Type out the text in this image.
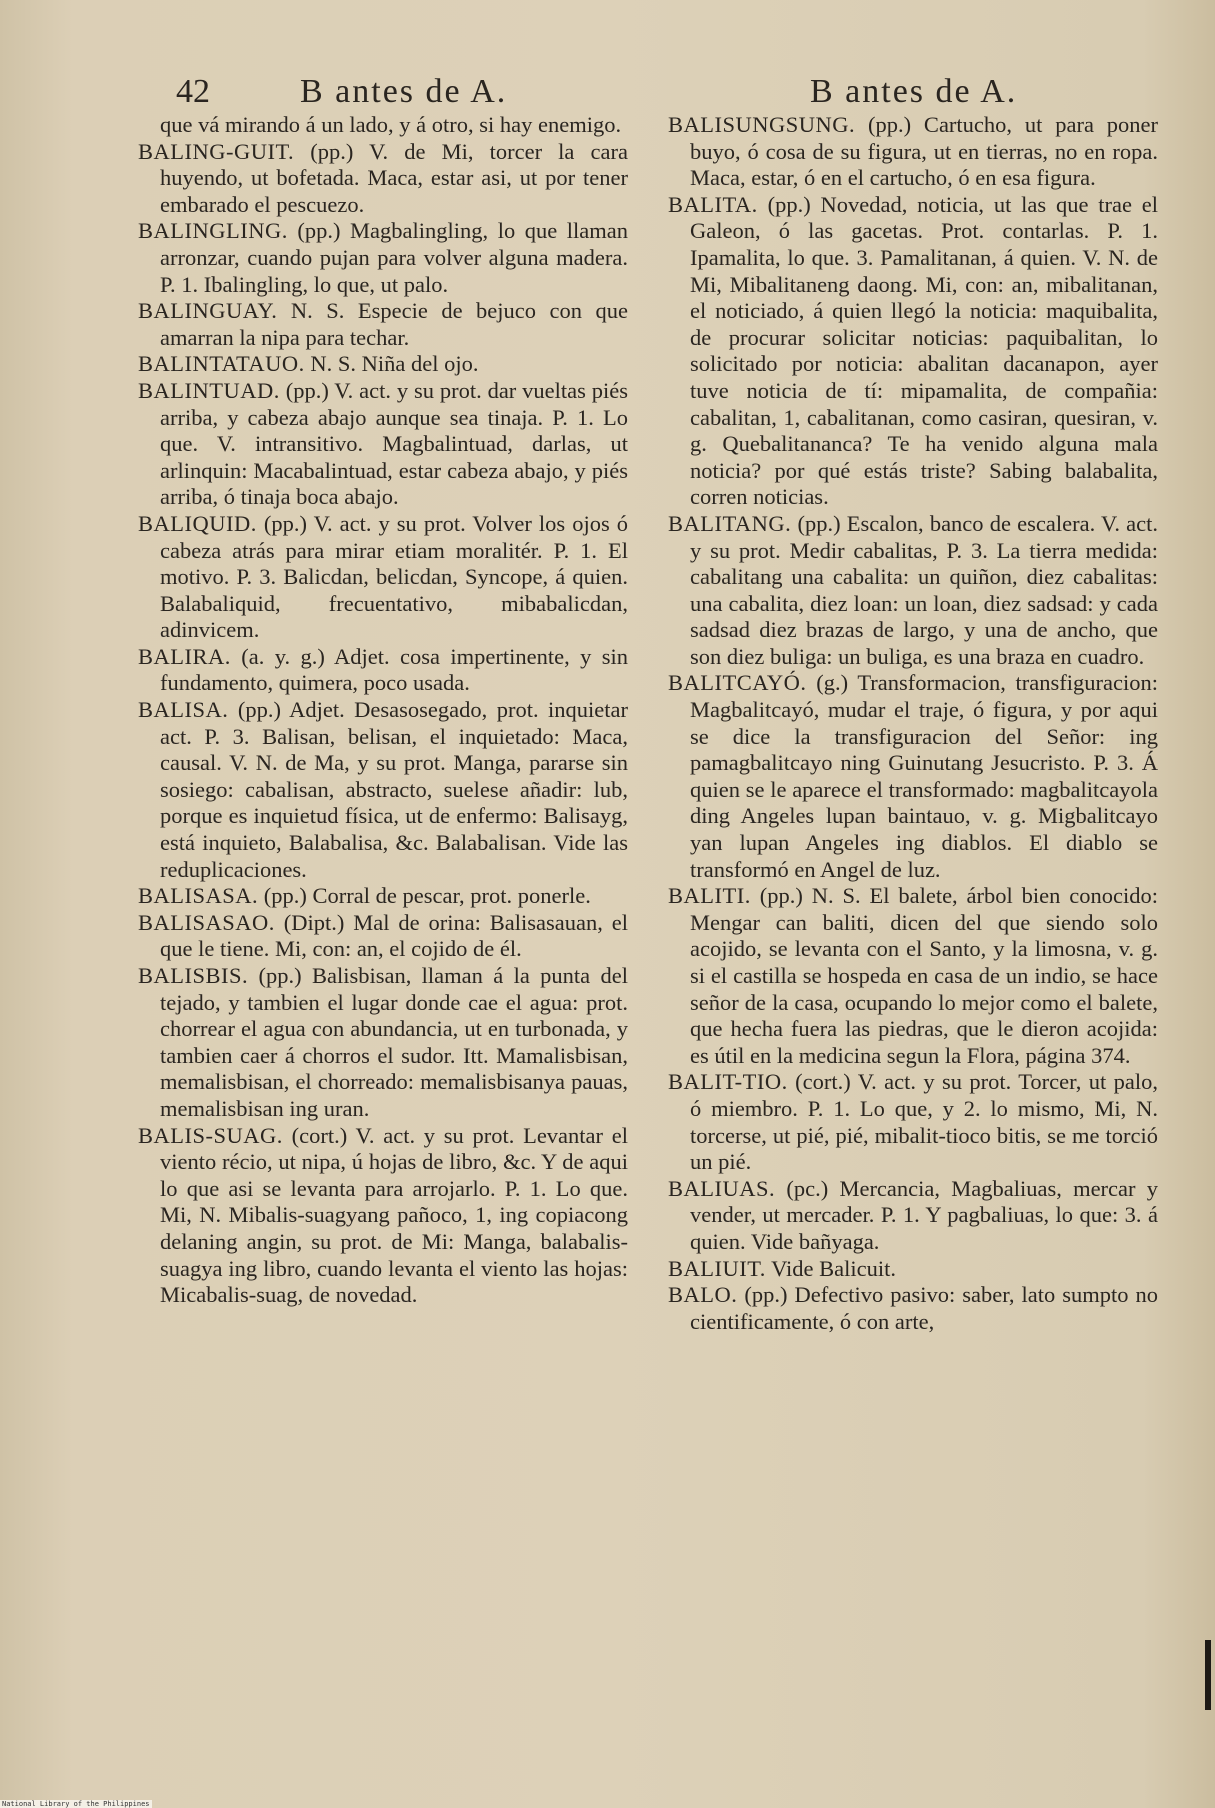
42	B antes de A.	B antes de A.
que vá mirando á un lado, y á otro, si hay enemigo.
BALING-GUIT. (pp.) V. de Mi, torcer la cara huyendo, ut bofetada. Maca, estar asi, ut por tener embarado el pescuezo.
BALINGLING. (pp.) Magbalingling, lo que llaman arronzar, cuando pujan para volver alguna madera. P. 1. Ibalingling, lo que, ut palo.
BALINGUAY. N. S. Especie de bejuco con que amarran la nipa para techar.
BALINTATAUO. N. S. Niña del ojo.
BALINTUAD. (pp.) V. act. y su prot. dar vueltas piés arriba, y cabeza abajo aunque sea tinaja. P. 1. Lo que. V. intransitivo. Magbalintuad, darlas, ut arlinquin: Macabalintuad, estar cabeza abajo, y piés arriba, ó tinaja boca abajo.
BALIQUID. (pp.) V. act. y su prot. Volver los ojos ó cabeza atrás para mirar etiam moralitér. P. 1. El motivo. P. 3. Balicdan, belicdan, Syncope, á quien. Balabaliquid, frecuentativo, mibabalicdan, adinvicem.
BALIRA. (a. y. g.) Adjet. cosa impertinente, y sin fundamento, quimera, poco usada.
BALISA. (pp.) Adjet. Desasosegado, prot. inquietar act. P. 3. Balisan, belisan, el inquietado: Maca, causal. V. N. de Ma, y su prot. Manga, pararse sin sosiego: cabalisan, abstracto, suelese añadir: lub, porque es inquietud física, ut de enfermo: Balisayg, está inquieto, Balabalisa, &c. Balabalisan. Vide las reduplicaciones.
BALISASA. (pp.) Corral de pescar, prot. ponerle.
BALISASAO. (Dipt.) Mal de orina: Balisasauan, el que le tiene. Mi, con: an, el cojido de él.
BALISBIS. (pp.) Balisbisan, llaman á la punta del tejado, y tambien el lugar donde cae el agua: prot. chorrear el agua con abundancia, ut en turbonada, y tambien caer á chorros el sudor. Itt. Mamalisbisan, memalisbisan, el chorreado: memalisbisanya pauas, memalisbisan ing uran.
BALIS-SUAG. (cort.) V. act. y su prot. Levantar el viento récio, ut nipa, ú hojas de libro, &c. Y de aqui lo que asi se levanta para arrojarlo. P. 1. Lo que. Mi, N. Mibalis-suagyang pañoco, 1, ing copiacong delaning angin, su prot. de Mi: Manga, balabalis-suagya ing libro, cuando levanta el viento las hojas: Micabalis-suag, de novedad.
BALISUNGSUNG. (pp.) Cartucho, ut para poner buyo, ó cosa de su figura, ut en tierras, no en ropa. Maca, estar, ó en el cartucho, ó en esa figura.
BALITA. (pp.) Novedad, noticia, ut las que trae el Galeon, ó las gacetas. Prot. contarlas. P. 1. Ipamalita, lo que. 3. Pamalitanan, á quien. V. N. de Mi, Mibalitaneng daong. Mi, con: an, mibalitanan, el noticiado, á quien llegó la noticia: maquibalita, de procurar solicitar noticias: paquibalitan, lo solicitado por noticia: abalitan dacanapon, ayer tuve noticia de tí: mipamalita, de compañia: cabalitan, 1, cabalitanan, como casiran, quesiran, v. g. Quebalitananca? Te ha venido alguna mala noticia? por qué estás triste? Sabing balabalita, corren noticias.
BALITANG. (pp.) Escalon, banco de escalera. V. act. y su prot. Medir cabalitas, P. 3. La tierra medida: cabalitang una cabalita: un quiñon, diez cabalitas: una cabalita, diez loan: un loan, diez sadsad: y cada sadsad diez brazas de largo, y una de ancho, que son diez buliga: un buliga, es una braza en cuadro.
BALITCAYÓ. (g.) Transformacion, transfiguracion: Magbalitcayó, mudar el traje, ó figura, y por aqui se dice la transfiguracion del Señor: ing pamagbalitcayo ning Guinutang Jesucristo. P. 3. Á quien se le aparece el transformado: magbalitcayola ding Angeles lupan baintauo, v. g. Migbalitcayo yan lupan Angeles ing diablos. El diablo se transformó en Angel de luz.
BALITI. (pp.) N. S. El balete, árbol bien conocido: Mengar can baliti, dicen del que siendo solo acojido, se levanta con el Santo, y la limosna, v. g. si el castilla se hospeda en casa de un indio, se hace señor de la casa, ocupando lo mejor como el balete, que hecha fuera las piedras, que le dieron acojida: es útil en la medicina segun la Flora, página 374.
BALIT-TIO. (cort.) V. act. y su prot. Torcer, ut palo, ó miembro. P. 1. Lo que, y 2. lo mismo, Mi, N. torcerse, ut pié, pié, mibalit-tioco bitis, se me torció un pié.
BALIUAS. (pc.) Mercancia, Magbaliuas, mercar y vender, ut mercader. P. 1. Y pagbaliuas, lo que: 3. á quien. Vide bañyaga.
BALIUIT. Vide Balicuit.
BALO. (pp.) Defectivo pasivo: saber, lato sumpto no cientificamente, ó con arte,
National Library of the Philippines
